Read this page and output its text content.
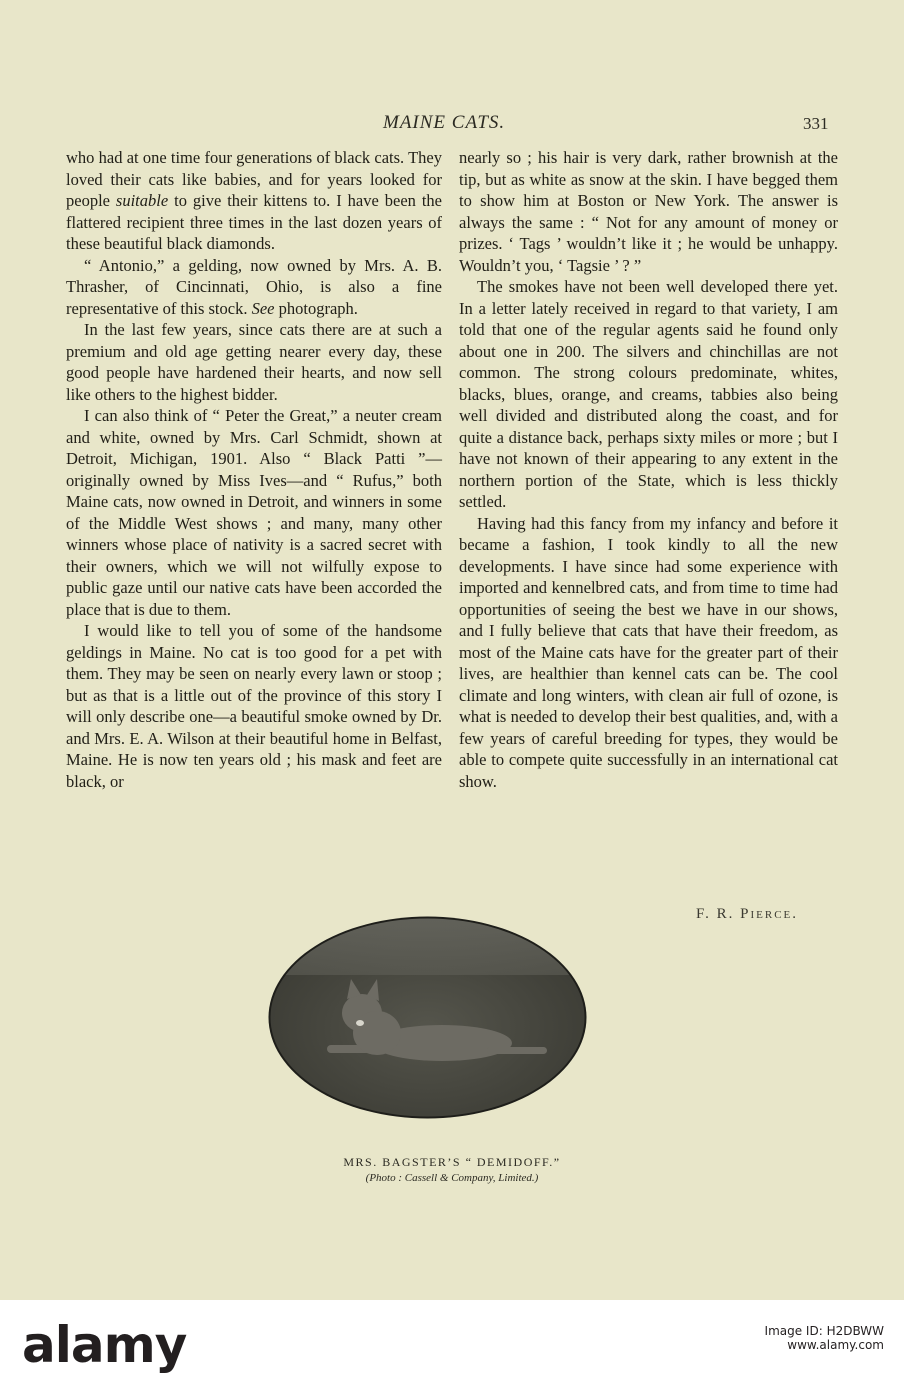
MAINE CATS.	331

who had at one time four generations of black cats. They loved their cats like babies, and for years looked for people suitable to give their kittens to. I have been the flattered recipient three times in the last dozen years of these beautiful black diamonds.

“ Antonio,” a gelding, now owned by Mrs. A. B. Thrasher, of Cincinnati, Ohio, is also a fine representative of this stock. See photograph.

In the last few years, since cats there are at such a premium and old age getting nearer every day, these good people have hardened their hearts, and now sell like others to the highest bidder.

I can also think of “ Peter the Great,” a neuter cream and white, owned by Mrs. Carl Schmidt, shown at Detroit, Michigan, 1901. Also “ Black Patti ”—originally owned by Miss Ives—and “ Rufus,” both Maine cats, now owned in Detroit, and winners in some of the Middle West shows ; and many, many other winners whose place of nativity is a sacred secret with their owners, which we will not wilfully expose to public gaze until our native cats have been accorded the place that is due to them.

I would like to tell you of some of the handsome geldings in Maine. No cat is too good for a pet with them. They may be seen on nearly every lawn or stoop ; but as that is a little out of the province of this story I will only describe one—a beautiful smoke owned by Dr. and Mrs. E. A. Wilson at their beautiful home in Belfast, Maine. He is now ten years old ; his mask and feet are black, or

nearly so ; his hair is very dark, rather brownish at the tip, but as white as snow at the skin. I have begged them to show him at Boston or New York. The answer is always the same : “ Not for any amount of money or prizes. ‘ Tags ’ wouldn’t like it ; he would be unhappy. Wouldn’t you, ‘ Tagsie ’ ? ”

The smokes have not been well developed there yet. In a letter lately received in regard to that variety, I am told that one of the regular agents said he found only about one in 200. The silvers and chinchillas are not common. The strong colours predominate, whites, blacks, blues, orange, and creams, tabbies also being well divided and distributed along the coast, and for quite a distance back, perhaps sixty miles or more ; but I have not known of their appearing to any extent in the northern portion of the State, which is less thickly settled.

Having had this fancy from my infancy and before it became a fashion, I took kindly to all the new developments. I have since had some experience with imported and kennelbred cats, and from time to time had opportunities of seeing the best we have in our shows, and I fully believe that cats that have their freedom, as most of the Maine cats have for the greater part of their lives, are healthier than kennel cats can be. The cool climate and long winters, with clean air full of ozone, is what is needed to develop their best qualities, and, with a few years of careful breeding for types, they would be able to compete quite successfully in an international cat show.

F. R. Pierce.
MRS. BAGSTER’S “ DEMIDOFF.”
(Photo : Cassell & Company, Limited.)
alamy	Image ID: H2DBWW
www.alamy.com
